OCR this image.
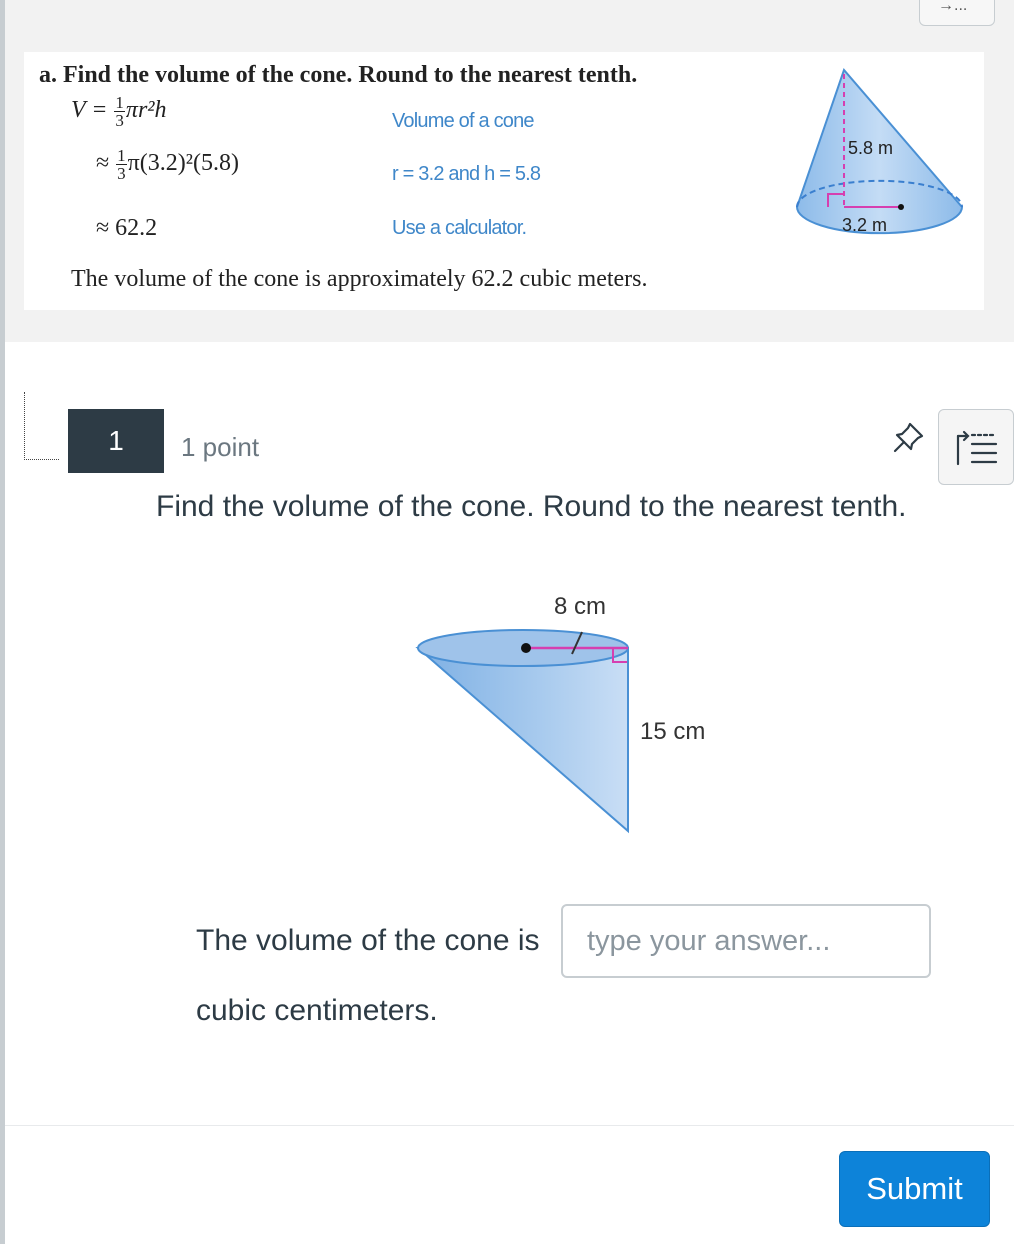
→...
a. Find the volume of the cone. Round to the nearest tenth.
$V = \frac{1}{3} \pi r^2h$	Volume of a cone
≈ $\frac{1}{3} \pi(3.2)^2(5.8)$	r = 3.2 and h = 5.8
≈ 62.2	Use a calculator.
The volume of the cone is approximately 62.2 cubic meters.
5.8 m
3.2 m
1	1 point
Find the volume of the cone. Round to the nearest tenth.
8 cm
15 cm
The volume of the cone is
type your answer...
cubic centimeters.
Submit
